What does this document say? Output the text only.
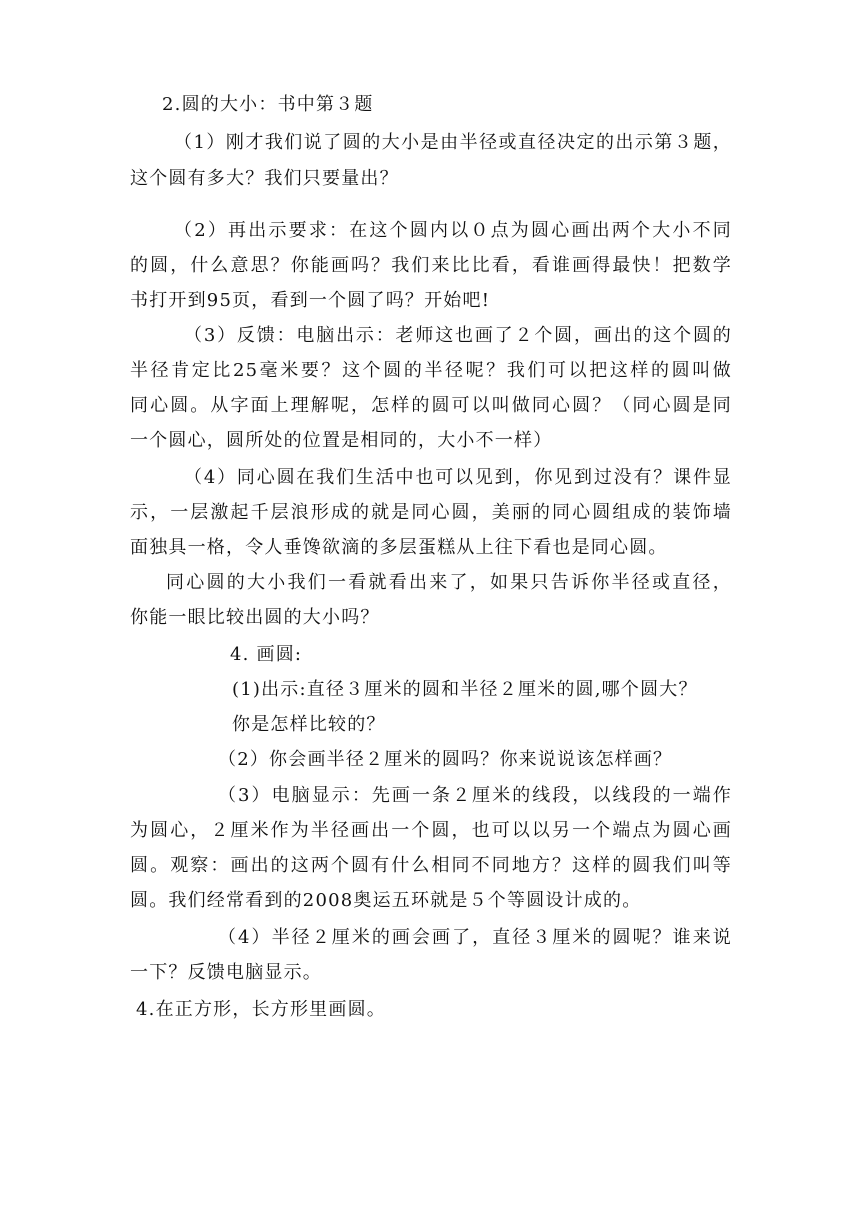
2.圆的大小：书中第３题
（1）刚才我们说了圆的大小是由半径或直径决定的出示第３题，
这个圆有多大？我们只要量出？
（2）再出示要求：在这个圆内以０点为圆心画出两个大小不同
的圆，什么意思？你能画吗？我们来比比看，看谁画得最快！把数学
书打开到95页，看到一个圆了吗？开始吧!
（3）反馈：电脑出示：老师这也画了２个圆，画出的这个圆的
半径肯定比25毫米要？这个圆的半径呢？我们可以把这样的圆叫做
同心圆。从字面上理解呢，怎样的圆可以叫做同心圆？（同心圆是同
一个圆心，圆所处的位置是相同的，大小不一样）
（4）同心圆在我们生活中也可以见到，你见到过没有？课件显
示，一层激起千层浪形成的就是同心圆，美丽的同心圆组成的装饰墙
面独具一格，令人垂馋欲滴的多层蛋糕从上往下看也是同心圆。
同心圆的大小我们一看就看出来了，如果只告诉你半径或直径，
你能一眼比较出圆的大小吗？
4. 画圆:
(1)出示:直径３厘米的圆和半径２厘米的圆,哪个圆大？
你是怎样比较的？
（2）你会画半径２厘米的圆吗？你来说说该怎样画？
（3）电脑显示：先画一条２厘米的线段，以线段的一端作
为圆心，２厘米作为半径画出一个圆，也可以以另一个端点为圆心画
圆。观察：画出的这两个圆有什么相同不同地方？这样的圆我们叫等
圆。我们经常看到的2008奥运五环就是５个等圆设计成的。
（4）半径２厘米的画会画了，直径３厘米的圆呢？谁来说
一下？反馈电脑显示。
4.在正方形，长方形里画圆。
